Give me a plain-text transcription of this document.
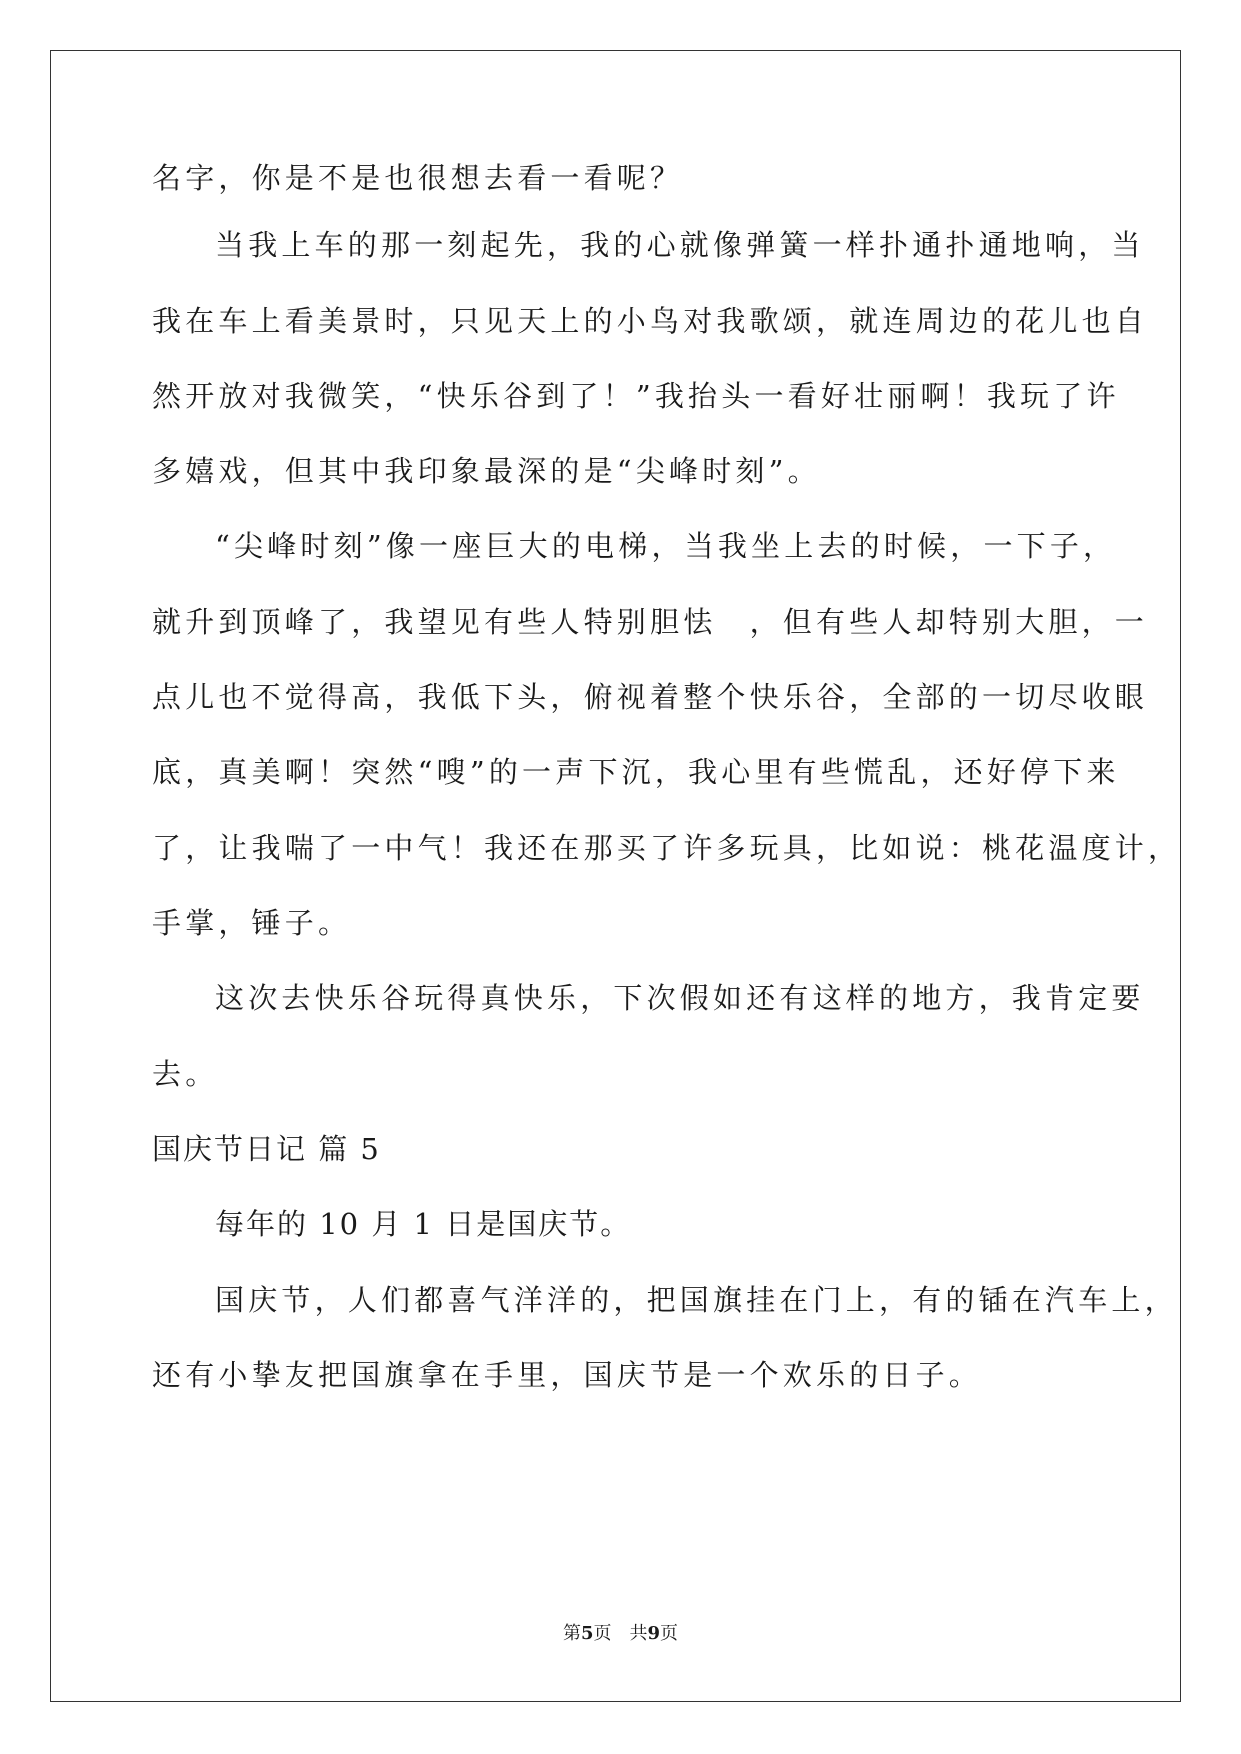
名字，你是不是也很想去看一看呢？
当我上车的那一刻起先，我的心就像弹簧一样扑通扑通地响，当
我在车上看美景时，只见天上的小鸟对我歌颂，就连周边的花儿也自
然开放对我微笑，“快乐谷到了！”我抬头一看好壮丽啊！我玩了许
多嬉戏，但其中我印象最深的是“尖峰时刻”。
“尖峰时刻”像一座巨大的电梯，当我坐上去的时候，一下子，
就升到顶峰了，我望见有些人特别胆怯　，但有些人却特别大胆，一
点儿也不觉得高，我低下头，俯视着整个快乐谷，全部的一切尽收眼
底，真美啊！突然“嗖”的一声下沉，我心里有些慌乱，还好停下来
了，让我喘了一中气！我还在那买了许多玩具，比如说：桃花温度计，
手掌，锤子。
这次去快乐谷玩得真快乐，下次假如还有这样的地方，我肯定要
去。
国庆节日记 篇 5
每年的 10 月 1 日是国庆节。
国庆节，人们都喜气洋洋的，把国旗挂在门上，有的锸在汽车上，
还有小挚友把国旗拿在手里，国庆节是一个欢乐的日子。
第5页　共9页
